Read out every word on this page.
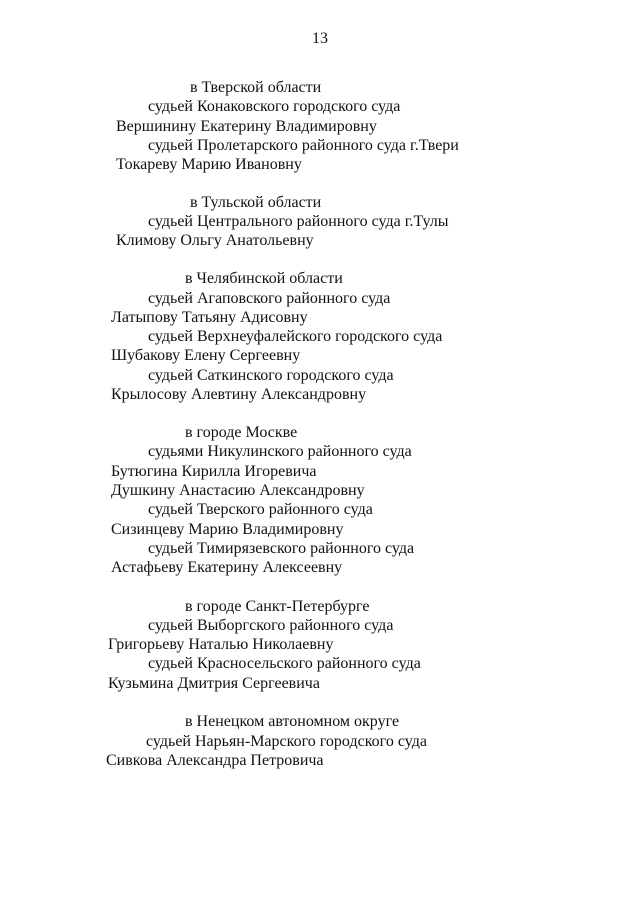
13
в Тверской области
судьей Конаковского городского суда
Вершинину Екатерину Владимировну
судьей Пролетарского районного суда г.Твери
Токареву Марию Ивановну
в Тульской области
судьей Центрального районного суда г.Тулы
Климову Ольгу Анатольевну
в Челябинской области
судьей Агаповского районного суда
Латыпову Татьяну Адисовну
судьей Верхнеуфалейского городского суда
Шубакову Елену Сергеевну
судьей Саткинского городского суда
Крылосову Алевтину Александровну
в городе Москве
судьями Никулинского районного суда
Бутюгина Кирилла Игоревича
Душкину Анастасию Александровну
судьей Тверского районного суда
Сизинцеву Марию Владимировну
судьей Тимирязевского районного суда
Астафьеву Екатерину Алексеевну
в городе Санкт-Петербурге
судьей Выборгского районного суда
Григорьеву Наталью Николаевну
судьей Красносельского районного суда
Кузьмина Дмитрия Сергеевича
в Ненецком автономном округе
судьей Нарьян-Марского городского суда
Сивкова Александра Петровича
